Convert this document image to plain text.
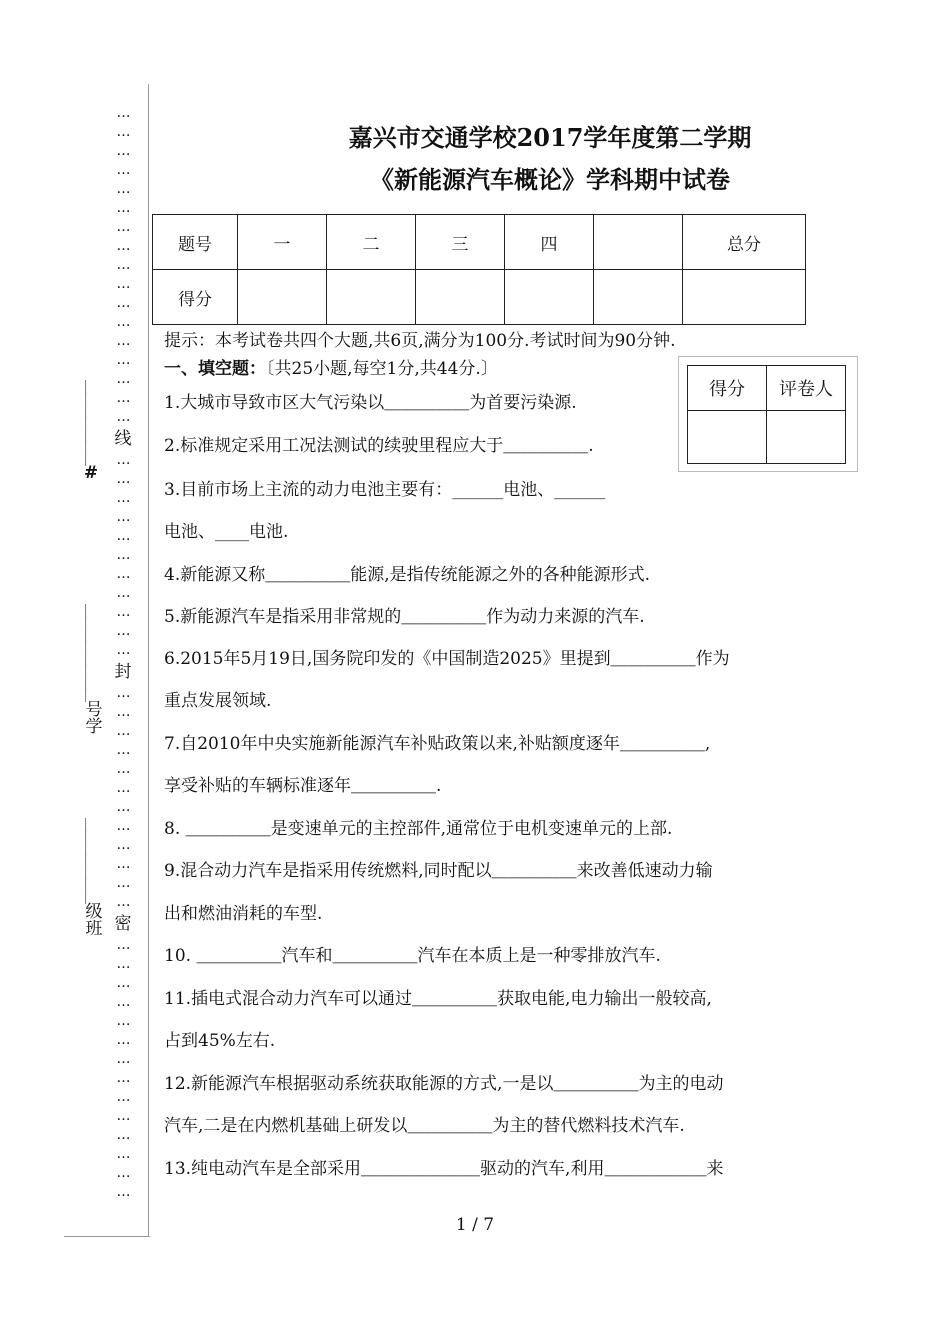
…
…
…
…
…
…
…
…
…
…
…
…
…
…
…
…
…
线
…
…
…
…
…
…
…
…
…
…
…
封
…
…
…
…
…
…
…
…
…
…
…
…
密
…
…
…
…
…
…
…
…
…
…
…
…
…
…
＿＿＿＿＿＿＿
#
＿＿＿＿＿＿＿＿
号学
＿＿＿＿＿＿＿
级班
嘉兴市交通学校2017学年度第二学期
《新能源汽车概论》学科期中试卷
题号	一	二	三	四		总分
得分						
提示：本考试卷共四个大题,共6页,满分为100分.考试时间为90分钟.
一、填空题：〔共25小题,每空1分,共44分.〕
得分	评卷人

1.大城市导致市区大气污染以＿＿＿＿＿为首要污染源.
2.标准规定采用工况法测试的续驶里程应大于＿＿＿＿＿.
3.目前市场上主流的动力电池主要有：______电池、______
电池、____电池.
4.新能源又称＿＿＿＿＿能源,是指传统能源之外的各种能源形式.
5.新能源汽车是指采用非常规的＿＿＿＿＿作为动力来源的汽车.
6.2015年5月19日,国务院印发的《中国制造2025》里提到＿＿＿＿＿作为
重点发展领域.
7.自2010年中央实施新能源汽车补贴政策以来,补贴额度逐年＿＿＿＿＿,
享受补贴的车辆标准逐年＿＿＿＿＿.
8. ＿＿＿＿＿是变速单元的主控部件,通常位于电机变速单元的上部.
9.混合动力汽车是指采用传统燃料,同时配以＿＿＿＿＿来改善低速动力输
出和燃油消耗的车型.
10. ＿＿＿＿＿汽车和＿＿＿＿＿汽车在本质上是一种零排放汽车.
11.插电式混合动力汽车可以通过＿＿＿＿＿获取电能,电力输出一般较高,
占到45%左右.
12.新能源汽车根据驱动系统获取能源的方式,一是以＿＿＿＿＿为主的电动
汽车,二是在内燃机基础上研发以＿＿＿＿＿为主的替代燃料技术汽车.
13.纯电动汽车是全部采用＿＿＿＿＿＿＿驱动的汽车,利用＿＿＿＿＿＿来
1 / 7
